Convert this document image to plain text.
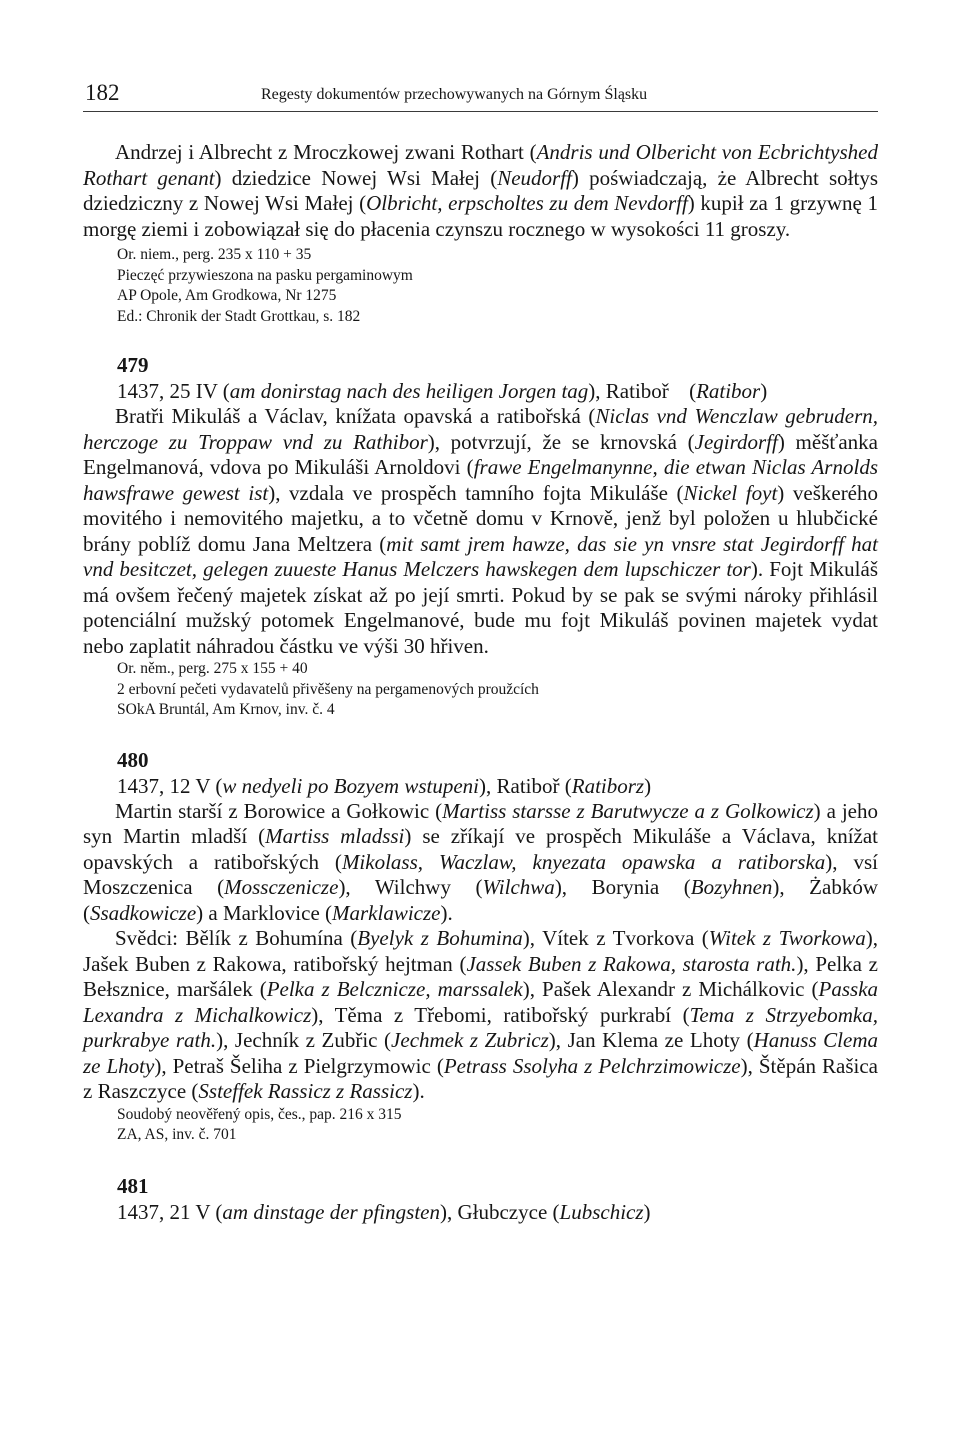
182	Regesty dokumentów przechowywanych na Górnym Śląsku

Andrzej i Albrecht z Mroczkowej zwani Rothart (Andris und Olbericht von Ecbrichtyshed Rothart genant) dziedzice Nowej Wsi Małej (Neudorff) poświadczają, że Albrecht sołtys dziedziczny z Nowej Wsi Małej (Olbricht, erpscholtes zu dem Nevdorff) kupił za 1 grzywnę 1 morgę ziemi i zobowiązał się do płacenia czynszu rocznego w wysokości 11 groszy.

Or. niem., perg. 235 x 110 + 35

Pieczęć przywieszona na pasku pergaminowym

AP Opole, Am Grodkowa, Nr 1275

Ed.: Chronik der Stadt Grottkau, s. 182

479

1437, 25 IV (am donirstag nach des heiligen Jorgen tag), Ratibořᅟ(Ratibor)

Bratři Mikuláš a Václav, knížata opavská a ratibořská (Niclas vnd Wenczlaw gebrudern, herczoge zu Troppaw vnd zu Rathibor), potvrzují, že se krnovská (Jegirdorff) měšťanka Engelmanová, vdova po Mikuláši Arnoldovi (frawe Engelmanynne, die etwan Niclas Arnolds hawsfrawe gewest ist), vzdala ve prospěch tamního fojta Mikuláše (Nickel foyt) veškerého movitého i nemovitého majetku, a to včetně domu v Krnově, jenž byl položen u hlubčické brány poblíž domu Jana Meltzera (mit samt jrem hawze, das sie yn vnsre stat Jegirdorff hat vnd besitczet, gelegen zuueste Hanus Melczers hawskegen dem lupschiczer tor). Fojt Mikuláš má ovšem řečený majetek získat až po její smrti. Pokud by se pak se svými nároky přihlásil potenciální mužský potomek Engelmanové, bude mu fojt Mikuláš povinen majetek vydat nebo zaplatit náhradou částku ve výši 30 hřiven.

Or. něm., perg. 275 x 155 + 40

2 erbovní pečeti vydavatelů přivěšeny na pergamenových proužcích

SOkA Bruntál, Am Krnov, inv. č. 4

480

1437, 12 V (w nedyeli po Bozyem wstupeni), Ratiboř (Ratiborz)

Martin starší z Borowice a Gołkowic (Martiss starsse z Barutwycze a z Golkowicz) a jeho syn Martin mladší (Martiss mladssi) se zříkají ve prospěch Mikuláše a Václava, knížat opavských a ratibořských (Mikolass, Waczlaw, knyezata opawska a ratiborska), vsí Moszczenica (Mossczenicze), Wilchwy (Wilchwa), Borynia (Bozyhnen), Żabków (Ssadkowicze) a Marklovice (Marklawicze).

Svědci: Bělík z Bohumína (Byelyk z Bohumina), Vítek z Tvorkova (Witek z Tworkowa), Jašek Buben z Rakowa, ratibořský hejtman (Jassek Buben z Rakowa, starosta rath.), Pelka z Bełsznice, maršálek (Pelka z Belcznicze, marssalek), Pašek Alexandr z Michálkovic (Passka Lexandra z Michalkowicz), Těma z Třebomi, ratibořský purkrabí (Tema z Strzyebomka, purkrabye rath.), Jechník z Zubřic (Jechmek z Zubricz), Jan Klema ze Lhoty (Hanuss Clema ze Lhoty), Petraš Šeliha z Pielgrzymowic (Petrass Ssolyha z Pelchrzimowicze), Štěpán Rašica z Raszczyce (Ssteffek Rassicz z Rassicz).

Soudobý neověřený opis, čes., pap. 216 x 315

ZA, AS, inv. č. 701

481

1437, 21 V (am dinstage der pfingsten), Głubczyce (Lubschicz)
